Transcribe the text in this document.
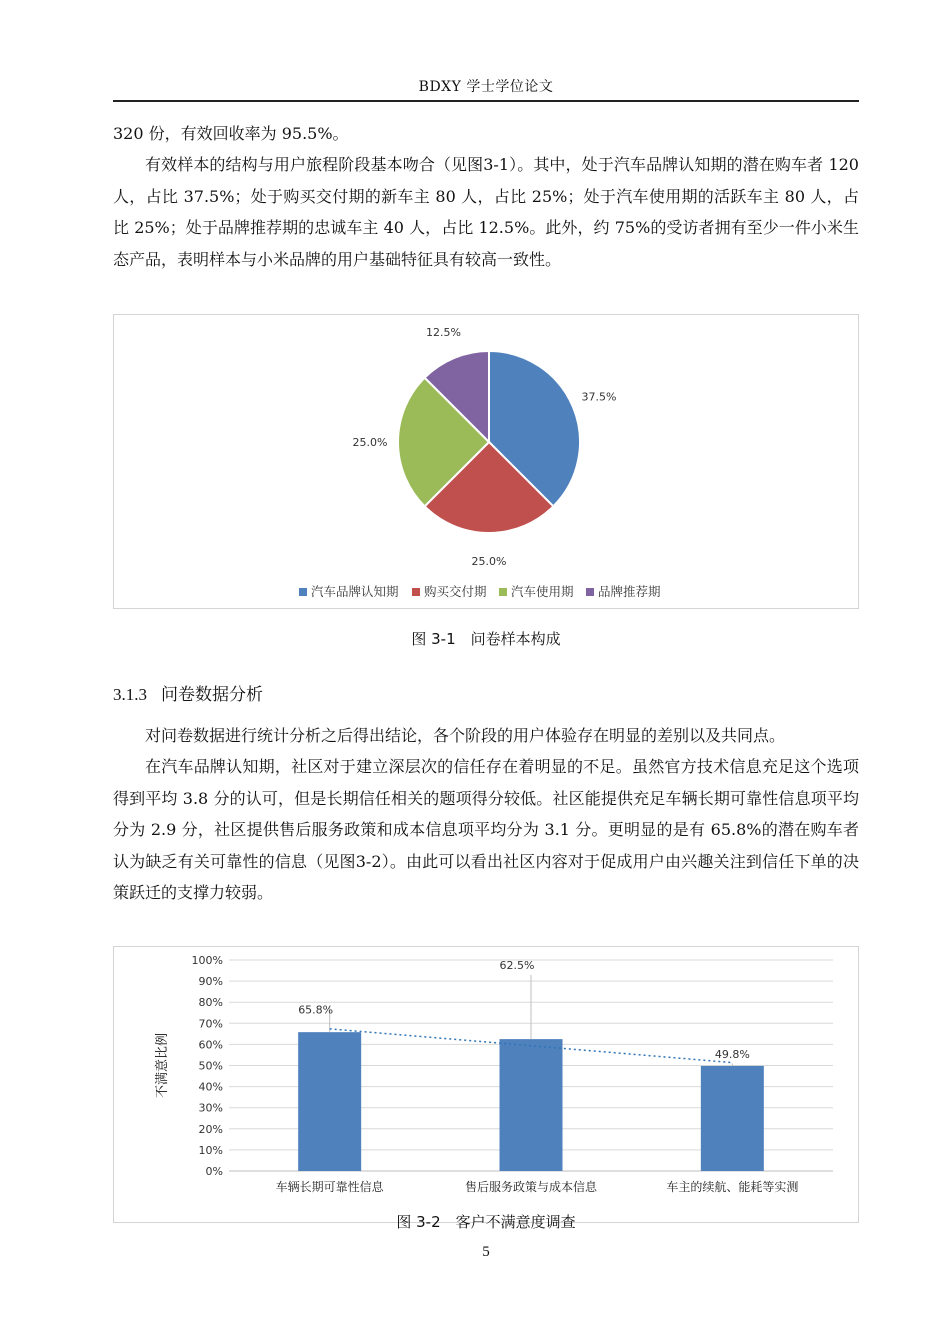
BDXY 学士学位论文

320 份，有效回收率为 95.5%。

有效样本的结构与用户旅程阶段基本吻合（见图3-1）。其中，处于汽车品牌认知期的潜在购车者 120 人，占比 37.5%；处于购买交付期的新车主 80 人，占比 25%；处于汽车使用期的活跃车主 80 人，占比 25%；处于品牌推荐期的忠诚车主 40 人，占比 12.5%。此外，约 75%的受访者拥有至少一件小米生态产品，表明样本与小米品牌的用户基础特征具有较高一致性。

37.5%
25.0%
25.0%
12.5%
汽车品牌认知期 购买交付期 汽车使用期 品牌推荐期
图 3-1　问卷样本构成
3.1.3 问卷数据分析

对问卷数据进行统计分析之后得出结论，各个阶段的用户体验存在明显的差别以及共同点。

在汽车品牌认知期，社区对于建立深层次的信任存在着明显的不足。虽然官方技术信息充足这个选项得到平均 3.8 分的认可，但是长期信任相关的题项得分较低。社区能提供充足车辆长期可靠性信息项平均分为 2.9 分，社区提供售后服务政策和成本信息项平均分为 3.1 分。更明显的是有 65.8%的潜在购车者认为缺乏有关可靠性的信息（见图3-2）。由此可以看出社区内容对于促成用户由兴趣关注到信任下单的决策跃迁的支撑力较弱。

0%
10%
20%
30%
40%
50%
60%
70%
80%
90%
100%
不满意比例
65.8%
车辆长期可靠性信息
62.5%
售后服务政策与成本信息
49.8%
车主的续航、能耗等实测
图 3-2　客户不满意度调查
5
